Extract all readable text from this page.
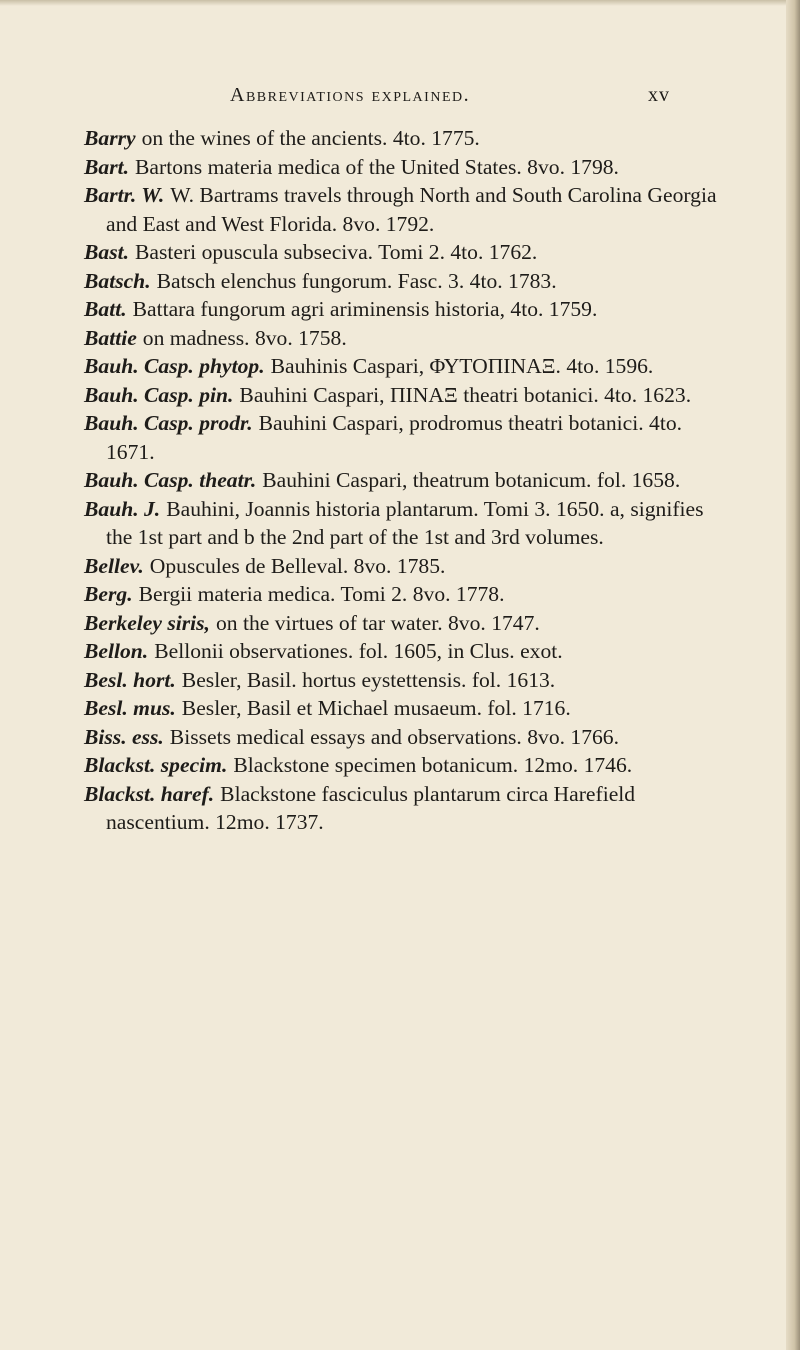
Abbreviations explained.	xv

Barry on the wines of the ancients. 4to. 1775.

Bart. Bartons materia medica of the United States. 8vo. 1798.

Bartr. W. W. Bartrams travels through North and South Carolina Georgia and East and West Florida. 8vo. 1792.

Bast. Basteri opuscula subseciva. Tomi 2. 4to. 1762.

Batsch. Batsch elenchus fungorum. Fasc. 3. 4to. 1783.

Batt. Battara fungorum agri ariminensis historia, 4to. 1759.

Battie on madness. 8vo. 1758.

Bauh. Casp. phytop. Bauhinis Caspari, ΦΥΤΟΠΙΝΑΞ. 4to. 1596.

Bauh. Casp. pin. Bauhini Caspari, ΠΙΝΑΞ theatri botanici. 4to. 1623.

Bauh. Casp. prodr. Bauhini Caspari, prodromus theatri botanici. 4to. 1671.

Bauh. Casp. theatr. Bauhini Caspari, theatrum botanicum. fol. 1658.

Bauh. J. Bauhini, Joannis historia plantarum. Tomi 3. 1650. a, signifies the 1st part and b the 2nd part of the 1st and 3rd volumes.

Bellev. Opuscules de Belleval. 8vo. 1785.

Berg. Bergii materia medica. Tomi 2. 8vo. 1778.

Berkeley siris, on the virtues of tar water. 8vo. 1747.

Bellon. Bellonii observationes. fol. 1605, in Clus. exot.

Besl. hort. Besler, Basil. hortus eystettensis. fol. 1613.

Besl. mus. Besler, Basil et Michael musaeum. fol. 1716.

Biss. ess. Bissets medical essays and observations. 8vo. 1766.

Blackst. specim. Blackstone specimen botanicum. 12mo. 1746.

Blackst. haref. Blackstone fasciculus plantarum circa Harefield nascentium. 12mo. 1737.
